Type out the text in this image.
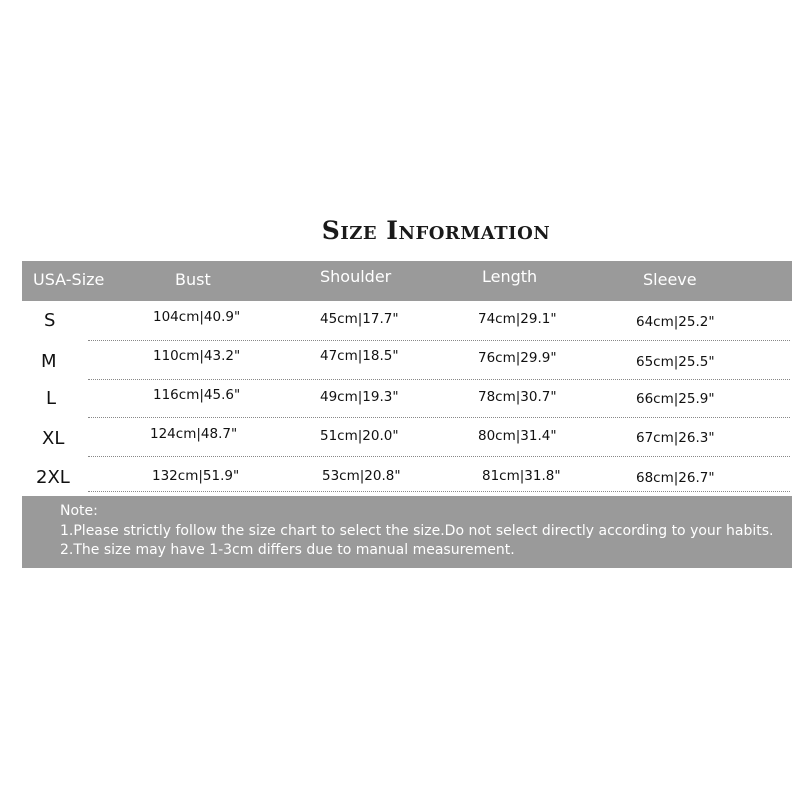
Size Information
USA-Size	Bust	Shoulder	Length	Sleeve
S	104cm|40.9"	45cm|17.7"	74cm|29.1"	64cm|25.2"
M	110cm|43.2"	47cm|18.5"	76cm|29.9"	65cm|25.5"
L	116cm|45.6"	49cm|19.3"	78cm|30.7"	66cm|25.9"
XL	124cm|48.7"	51cm|20.0"	80cm|31.4"	67cm|26.3"
2XL	132cm|51.9"	53cm|20.8"	81cm|31.8"	68cm|26.7"
Note:
1.Please strictly follow the size chart to select the size.Do not select directly according to your habits.
2.The size may have 1-3cm differs due to manual measurement.
